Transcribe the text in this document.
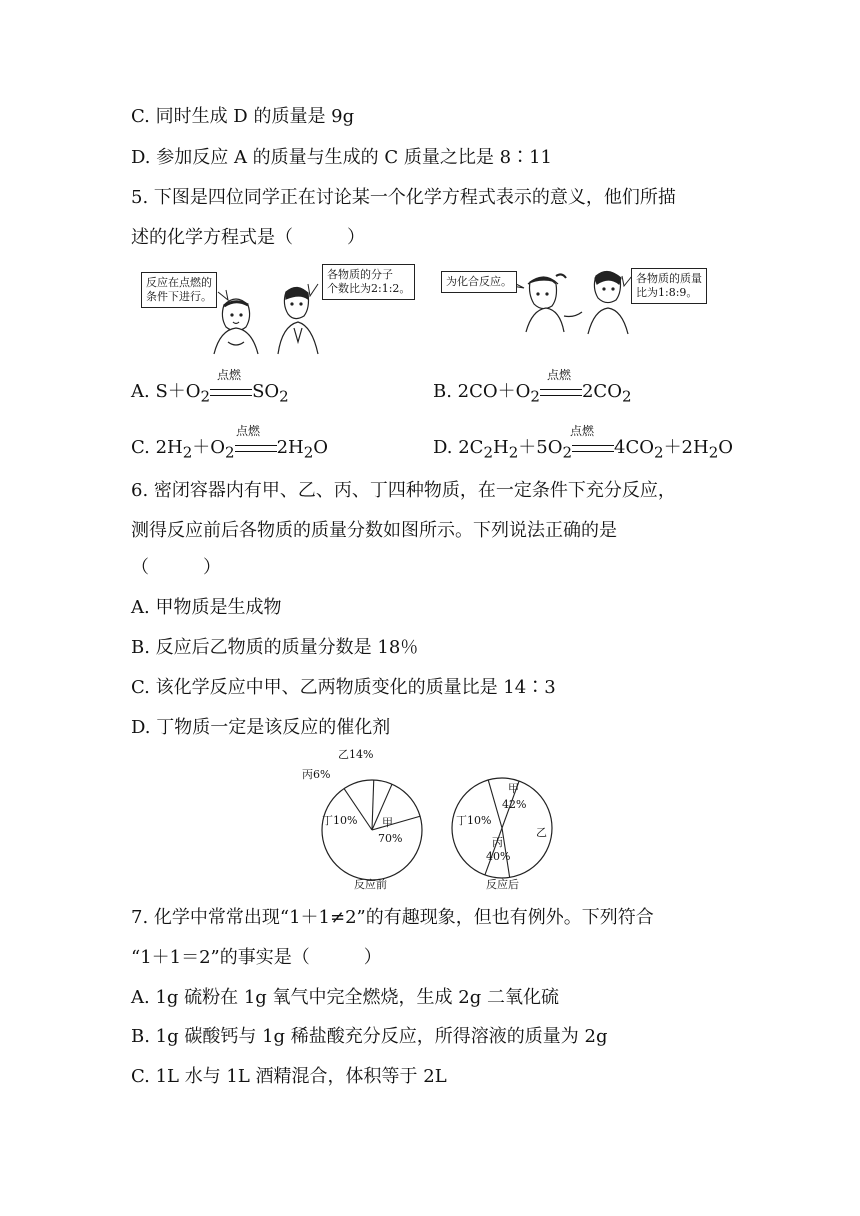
C. 同时生成 D 的质量是 9g
D. 参加反应 A 的质量与生成的 C 质量之比是 8∶11
5. 下图是四位同学正在讨论某一个化学方程式表示的意义，他们所描
述的化学方程式是（　　　）
反应在点燃的
条件下进行。
各物质的分子
个数比为2:1:2。
为化合反应。	各物质的质量
比为1:8:9。
A. $S+O_2$ $SO_2$
点燃
B. $2CO+O_2$ $2CO_2$
点燃
C. $2H_2+O_2$ $2H_2O$
点燃
D. $2C_2H_2+5O_2$ $4CO_2+2H_2O$
点燃
6. 密闭容器内有甲、乙、丙、丁四种物质，在一定条件下充分反应，
测得反应前后各物质的质量分数如图所示。下列说法正确的是
（　　　）
A. 甲物质是生成物
B. 反应后乙物质的质量分数是 18％
C. 该化学反应中甲、乙两物质变化的质量比是 14∶3
D. 丁物质一定是该反应的催化剂
甲
70%
乙14%
丙6%
丁10%
反应前
甲
42%
乙
丙
40%
丁10%
反应后
7. 化学中常常出现“1＋1≠2”的有趣现象，但也有例外。下列符合
“1＋1＝2”的事实是（　　　）
A. 1g 硫粉在 1g 氧气中完全燃烧，生成 2g 二氧化硫
B. 1g 碳酸钙与 1g 稀盐酸充分反应，所得溶液的质量为 2g
C. 1L 水与 1L 酒精混合，体积等于 2L
